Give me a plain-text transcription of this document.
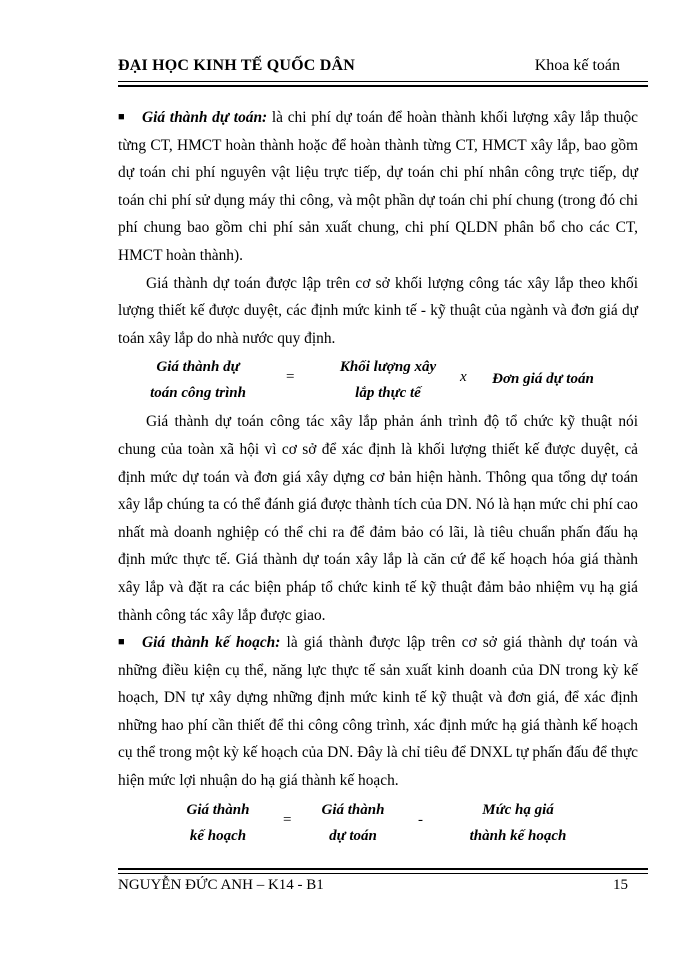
ĐẠI HỌC KINH TẾ QUỐC DÂN	Khoa kế toán

■ Giá thành dự toán: là chi phí dự toán để hoàn thành khối lượng xây lắp thuộc từng CT, HMCT hoàn thành hoặc để hoàn thành từng CT, HMCT xây lắp, bao gồm dự toán chi phí nguyên vật liệu trực tiếp, dự toán chi phí nhân công trực tiếp, dự toán chi phí sử dụng máy thi công, và một phần dự toán chi phí chung (trong đó chi phí chung bao gồm chi phí sản xuất chung, chi phí QLDN phân bổ cho các CT, HMCT hoàn thành).

Giá thành dự toán được lập trên cơ sở khối lượng công tác xây lắp theo khối lượng thiết kế được duyệt, các định mức kinh tế - kỹ thuật của ngành và đơn giá dự toán xây lắp do nhà nước quy định.

Giá thành dự
toán công trình
=
Khối lượng xây
lắp thực tế
x	Đơn giá dự toán

Giá thành dự toán công tác xây lắp phản ánh trình độ tổ chức kỹ thuật nói chung của toàn xã hội vì cơ sở để xác định là khối lượng thiết kế được duyệt, cả định mức dự toán và đơn giá xây dựng cơ bản hiện hành. Thông qua tổng dự toán xây lắp chúng ta có thể đánh giá được thành tích của DN. Nó là hạn mức chi phí cao nhất mà doanh nghiệp có thể chi ra để đảm bảo có lãi, là tiêu chuẩn phấn đấu hạ định mức thực tế. Giá thành dự toán xây lắp là căn cứ để kế hoạch hóa giá thành xây lắp và đặt ra các biện pháp tổ chức kinh tế kỹ thuật đảm bảo nhiệm vụ hạ giá thành công tác xây lắp được giao.

■ Giá thành kế hoạch: là giá thành được lập trên cơ sở giá thành dự toán và những điều kiện cụ thể, năng lực thực tế sản xuất kinh doanh của DN trong kỳ kế hoạch, DN tự xây dựng những định mức kinh tế kỹ thuật và đơn giá, để xác định những hao phí cần thiết để thi công công trình, xác định mức hạ giá thành kế hoạch cụ thể trong một kỳ kế hoạch của DN. Đây là chỉ tiêu để DNXL tự phấn đấu để thực hiện mức lợi nhuận do hạ giá thành kế hoạch.

Giá thành
kế hoạch
=
Giá thành
dự toán
-
Mức hạ giá
thành kế hoạch
NGUYỄN ĐỨC ANH – K14 - B1	15
